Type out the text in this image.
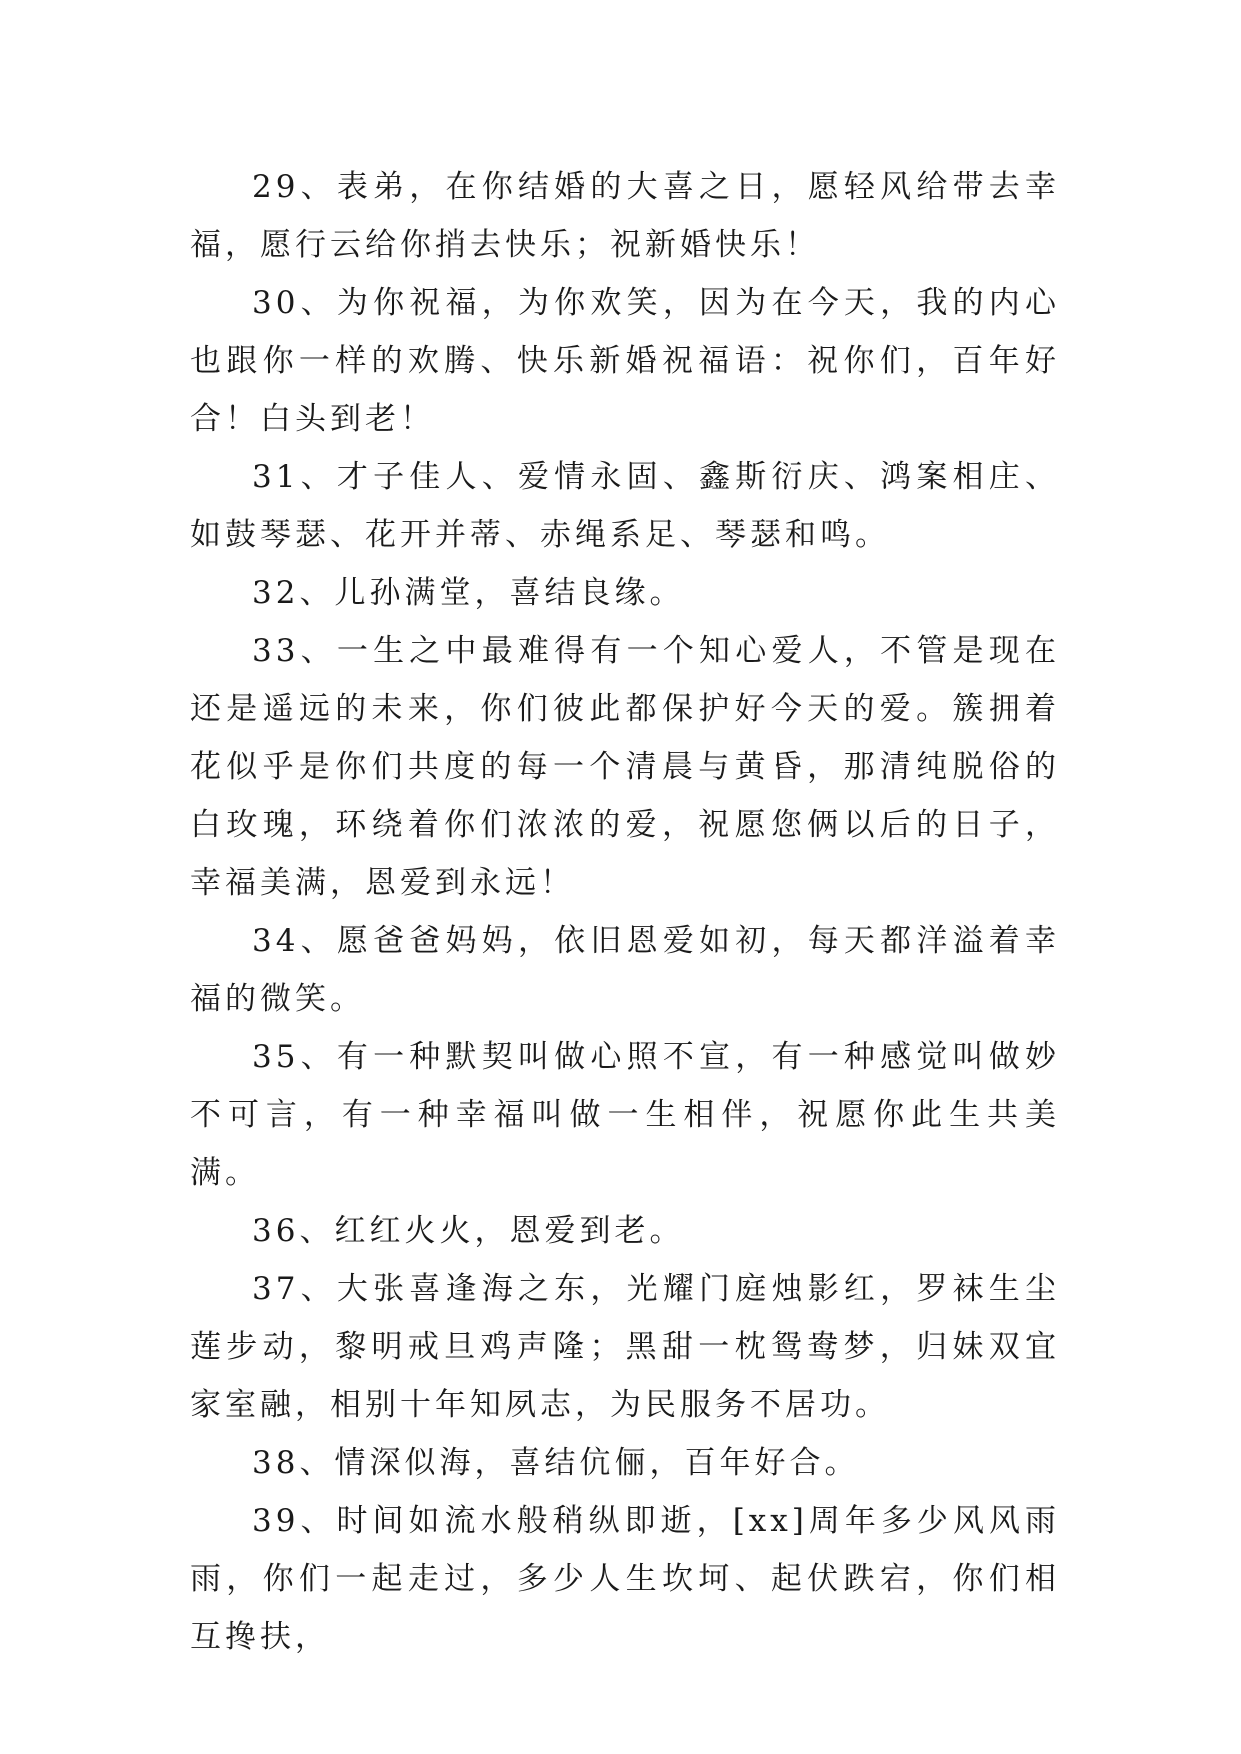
29、表弟，在你结婚的大喜之日，愿轻风给带去幸福，愿行云给你捎去快乐；祝新婚快乐！

30、为你祝福，为你欢笑，因为在今天，我的内心也跟你一样的欢腾、快乐新婚祝福语：祝你们，百年好合！白头到老！

31、才子佳人、爱情永固、鑫斯衍庆、鸿案相庄、如鼓琴瑟、花开并蒂、赤绳系足、琴瑟和鸣。

32、儿孙满堂，喜结良缘。

33、一生之中最难得有一个知心爱人，不管是现在还是遥远的未来，你们彼此都保护好今天的爱。簇拥着花似乎是你们共度的每一个清晨与黄昏，那清纯脱俗的白玫瑰，环绕着你们浓浓的爱，祝愿您俩以后的日子，幸福美满，恩爱到永远！

34、愿爸爸妈妈，依旧恩爱如初，每天都洋溢着幸福的微笑。

35、有一种默契叫做心照不宣，有一种感觉叫做妙不可言，有一种幸福叫做一生相伴，祝愿你此生共美满。

36、红红火火，恩爱到老。

37、大张喜逢海之东，光耀门庭烛影红，罗袜生尘莲步动，黎明戒旦鸡声隆；黑甜一枕鸳鸯梦，归妹双宜家室融，相别十年知夙志，为民服务不居功。

38、情深似海，喜结伉俪，百年好合。

39、时间如流水般稍纵即逝，[xx]周年多少风风雨雨，你们一起走过，多少人生坎坷、起伏跌宕，你们相互搀扶，
